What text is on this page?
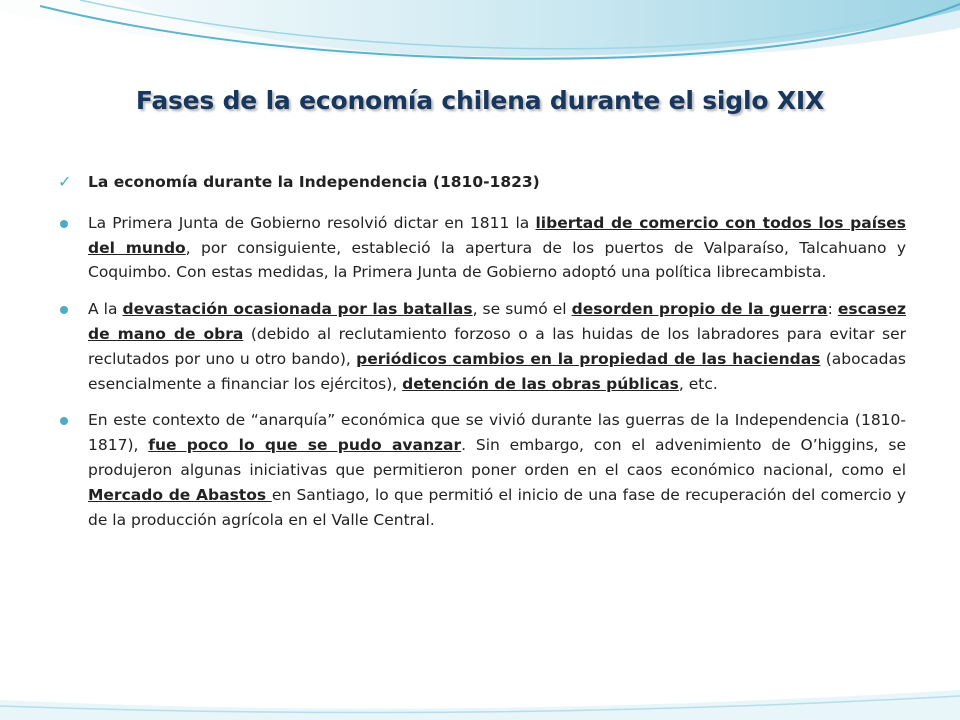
Fases de la economía chilena durante el siglo XIX
✓ La economía durante la Independencia (1810-1823)
La Primera Junta de Gobierno resolvió dictar en 1811 la libertad de comercio con todos los países del mundo, por consiguiente, estableció la apertura de los puertos de Valparaíso, Talcahuano y Coquimbo. Con estas medidas, la Primera Junta de Gobierno adoptó una política librecambista.
A la devastación ocasionada por las batallas, se sumó el desorden propio de la guerra: escasez de mano de obra (debido al reclutamiento forzoso o a las huidas de los labradores para evitar ser reclutados por uno u otro bando), periódicos cambios en la propiedad de las haciendas (abocadas esencialmente a financiar los ejércitos), detención de las obras públicas, etc.
En este contexto de “anarquía” económica que se vivió durante las guerras de la Independencia (1810-1817), fue poco lo que se pudo avanzar. Sin embargo, con el advenimiento de O’higgins, se produjeron algunas iniciativas que permitieron poner orden en el caos económico nacional, como el Mercado de Abastos en Santiago, lo que permitió el inicio de una fase de recuperación del comercio y de la producción agrícola en el Valle Central.
